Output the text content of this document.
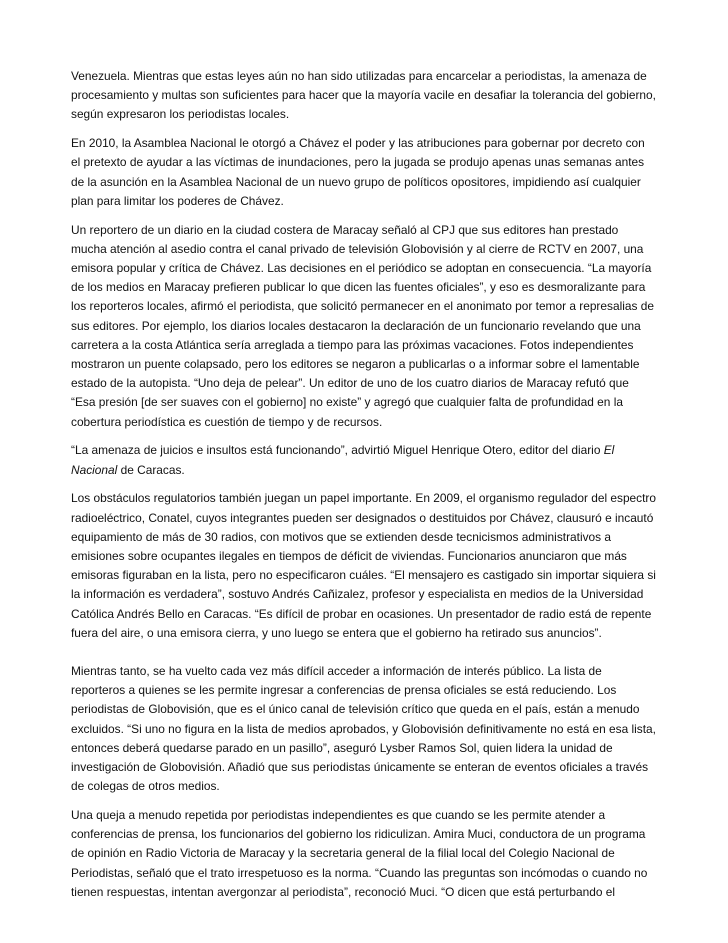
Venezuela. Mientras que estas leyes aún no han sido utilizadas para encarcelar a periodistas, la amenaza de
procesamiento y multas son suficientes para hacer que la mayoría vacile en desafiar la tolerancia del gobierno,
según expresaron los periodistas locales.

En 2010, la Asamblea Nacional le otorgó a Chávez el poder y las atribuciones para gobernar por decreto con
el pretexto de ayudar a las víctimas de inundaciones, pero la jugada se produjo apenas unas semanas antes
de la asunción en la Asamblea Nacional de un nuevo grupo de políticos opositores, impidiendo así cualquier
plan para limitar los poderes de Chávez.

Un reportero de un diario en la ciudad costera de Maracay señaló al CPJ que sus editores han prestado
mucha atención al asedio contra el canal privado de televisión Globovisión y al cierre de RCTV en 2007, una
emisora popular y crítica de Chávez. Las decisiones en el periódico se adoptan en consecuencia. “La mayoría
de los medios en Maracay prefieren publicar lo que dicen las fuentes oficiales”, y eso es desmoralizante para
los reporteros locales, afirmó el periodista, que solicitó permanecer en el anonimato por temor a represalias de
sus editores. Por ejemplo, los diarios locales destacaron la declaración de un funcionario revelando que una
carretera a la costa Atlántica sería arreglada a tiempo para las próximas vacaciones. Fotos independientes
mostraron un puente colapsado, pero los editores se negaron a publicarlas o a informar sobre el lamentable
estado de la autopista. “Uno deja de pelear”. Un editor de uno de los cuatro diarios de Maracay refutó que
“Esa presión [de ser suaves con el gobierno] no existe” y agregó que cualquier falta de profundidad en la
cobertura periodística es cuestión de tiempo y de recursos.

“La amenaza de juicios e insultos está funcionando”, advirtió Miguel Henrique Otero, editor del diario El
Nacional de Caracas.

Los obstáculos regulatorios también juegan un papel importante. En 2009, el organismo regulador del espectro
radioeléctrico, Conatel, cuyos integrantes pueden ser designados o destituidos por Chávez, clausuró e incautó
equipamiento de más de 30 radios, con motivos que se extienden desde tecnicismos administrativos a
emisiones sobre ocupantes ilegales en tiempos de déficit de viviendas. Funcionarios anunciaron que más
emisoras figuraban en la lista, pero no especificaron cuáles. “El mensajero es castigado sin importar siquiera si
la información es verdadera”, sostuvo Andrés Cañizalez, profesor y especialista en medios de la Universidad
Católica Andrés Bello en Caracas. “Es difícil de probar en ocasiones. Un presentador de radio está de repente
fuera del aire, o una emisora cierra, y uno luego se entera que el gobierno ha retirado sus anuncios”.

Mientras tanto, se ha vuelto cada vez más difícil acceder a información de interés público. La lista de
reporteros a quienes se les permite ingresar a conferencias de prensa oficiales se está reduciendo. Los
periodistas de Globovisión, que es el único canal de televisión crítico que queda en el país, están a menudo
excluidos. “Si uno no figura en la lista de medios aprobados, y Globovisión definitivamente no está en esa lista,
entonces deberá quedarse parado en un pasillo”, aseguró Lysber Ramos Sol, quien lidera la unidad de
investigación de Globovisión. Añadió que sus periodistas únicamente se enteran de eventos oficiales a través
de colegas de otros medios.

Una queja a menudo repetida por periodistas independientes es que cuando se les permite atender a
conferencias de prensa, los funcionarios del gobierno los ridiculizan. Amira Muci, conductora de un programa
de opinión en Radio Victoria de Maracay y la secretaria general de la filial local del Colegio Nacional de
Periodistas, señaló que el trato irrespetuoso es la norma. “Cuando las preguntas son incómodas o cuando no
tienen respuestas, intentan avergonzar al periodista”, reconoció Muci. “O dicen que está perturbando el
